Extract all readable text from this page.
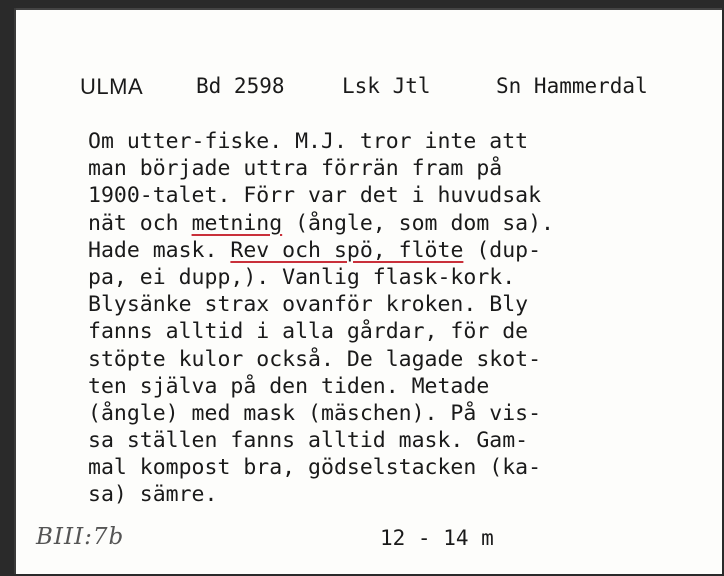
ULMA	Bd 2598	Lsk Jtl	Sn Hammerdal
Om utter-fiske. M.J. tror inte att
man började uttra förrän fram på
1900-talet. Förr var det i huvudsak
nät och metning (ångle, som dom sa).
Hade mask. Rev och spö, flöte (dup-
pa, ei dupp,). Vanlig flask-kork.
Blysänke strax ovanför kroken. Bly
fanns alltid i alla gårdar, för de
stöpte kulor också. De lagade skot-
ten själva på den tiden. Metade
(ångle) med mask (mäschen). På vis-
sa ställen fanns alltid mask. Gam-
mal kompost bra, gödselstacken (ka-
sa) sämre.
BIII:7b	12 - 14 m
